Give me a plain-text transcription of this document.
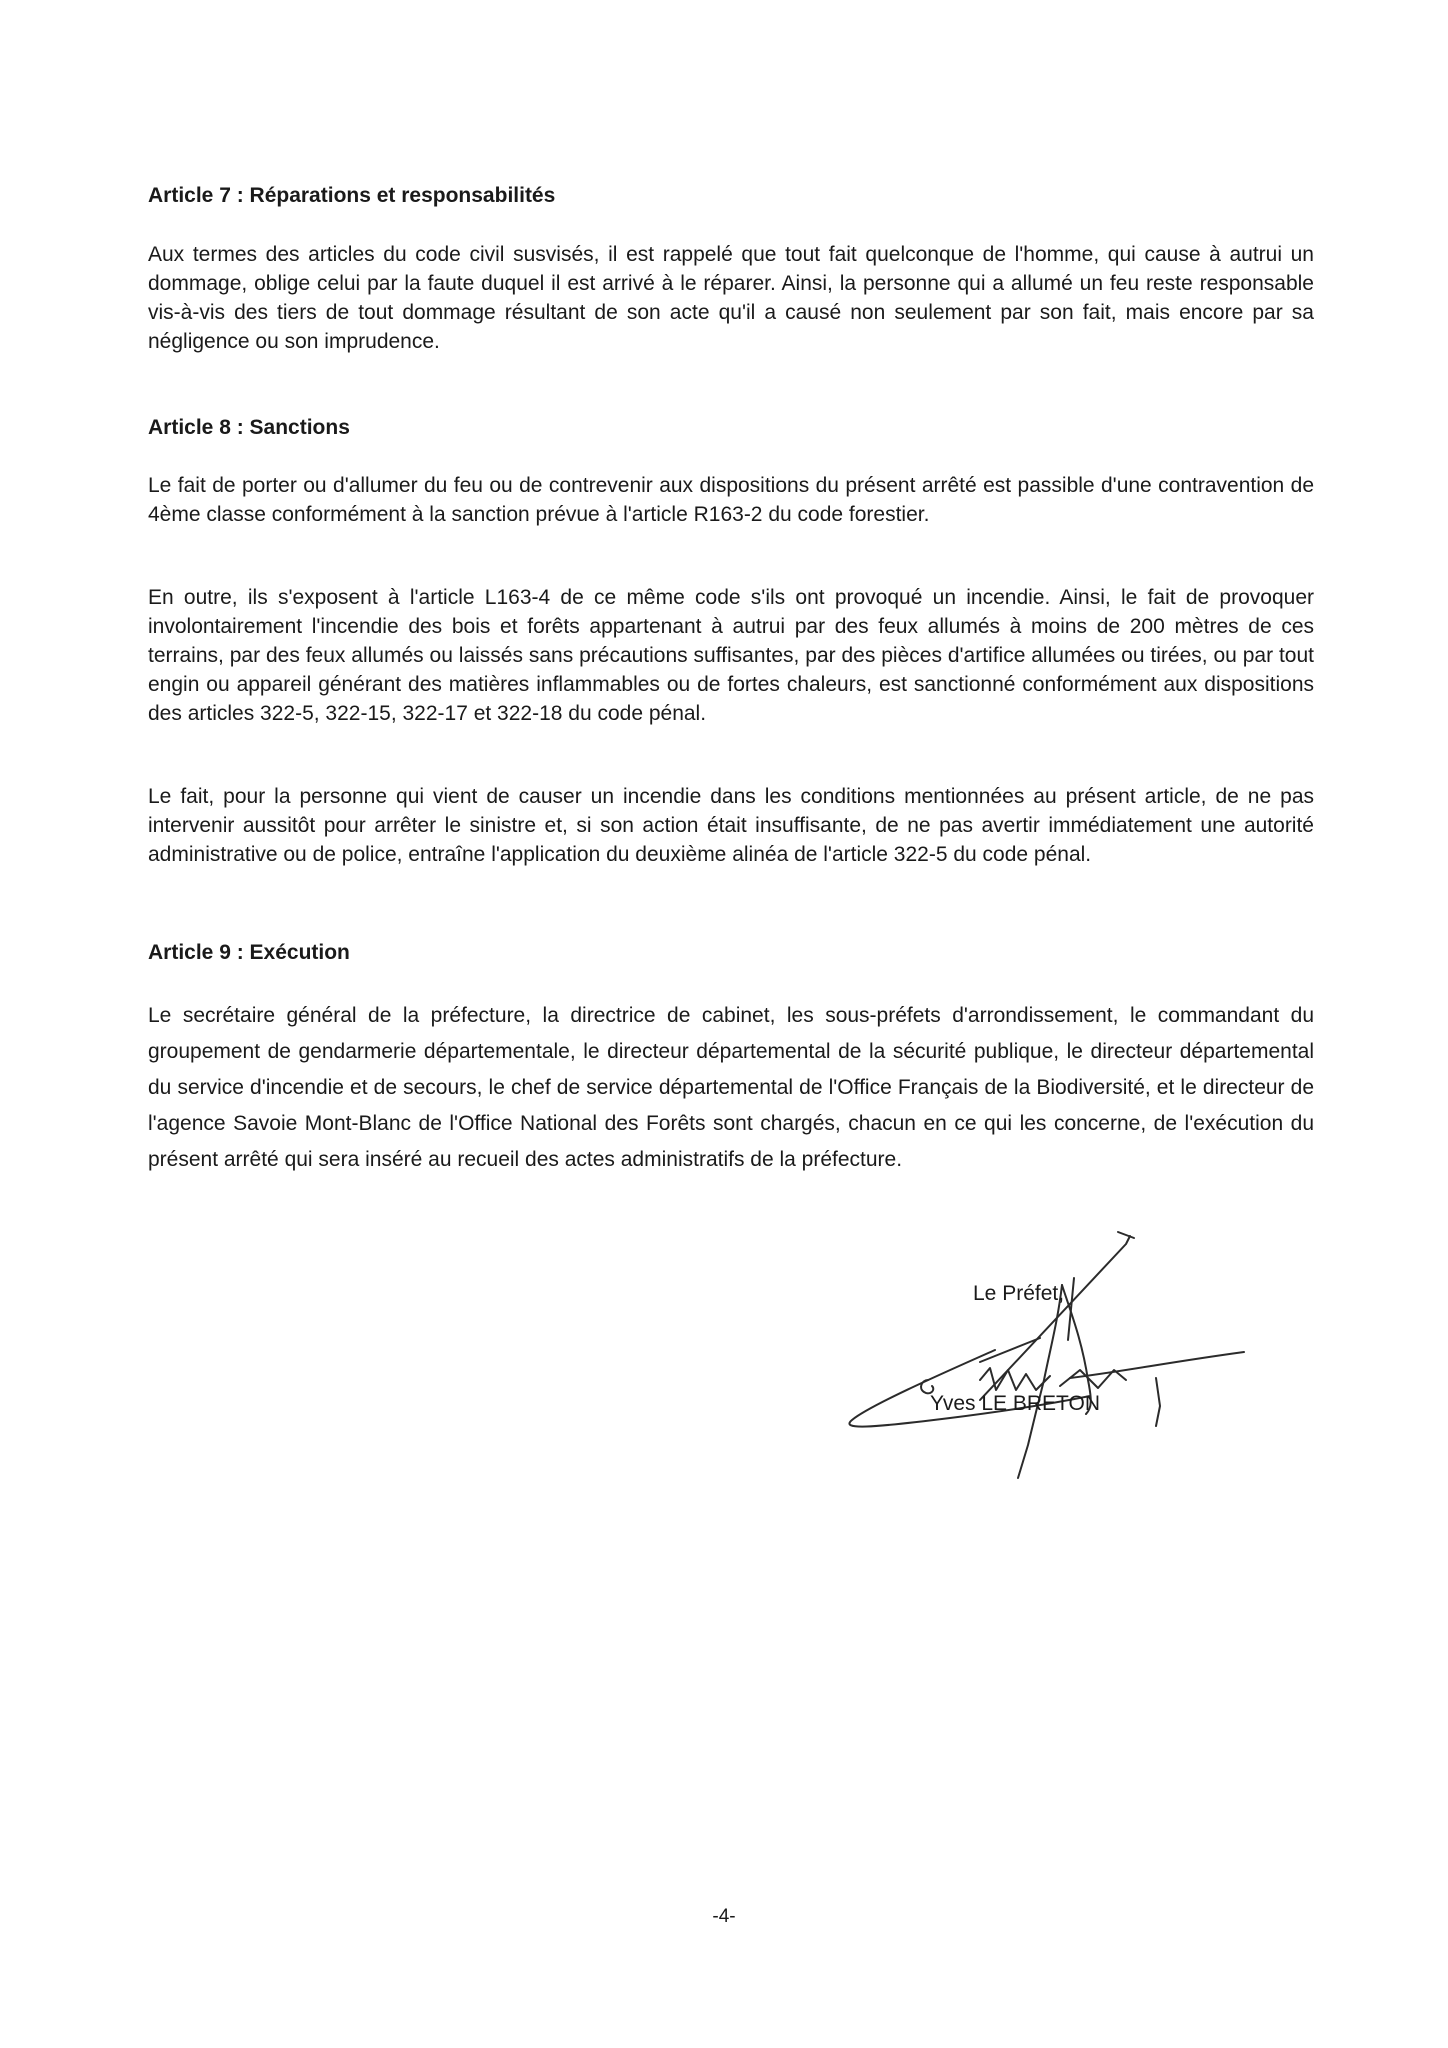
Article 7 : Réparations et responsabilités

Aux termes des articles du code civil susvisés, il est rappelé que tout fait quelconque de l'homme, qui cause à autrui un dommage, oblige celui par la faute duquel il est arrivé à le réparer. Ainsi, la personne qui a allumé un feu reste responsable vis-à-vis des tiers de tout dommage résultant de son acte qu'il a causé non seulement par son fait, mais encore par sa négligence ou son imprudence.

Article 8 : Sanctions

Le fait de porter ou d'allumer du feu ou de contrevenir aux dispositions du présent arrêté est passible d'une contravention de 4ème classe conformément à la sanction prévue à l'article R163-2 du code forestier.

En outre, ils s'exposent à l'article L163-4 de ce même code s'ils ont provoqué un incendie. Ainsi, le fait de provoquer involontairement l'incendie des bois et forêts appartenant à autrui par des feux allumés à moins de 200 mètres de ces terrains, par des feux allumés ou laissés sans précautions suffisantes, par des pièces d'artifice allumées ou tirées, ou par tout engin ou appareil générant des matières inflammables ou de fortes chaleurs, est sanctionné conformément aux dispositions des articles 322-5, 322-15, 322-17 et 322-18 du code pénal.

Le fait, pour la personne qui vient de causer un incendie dans les conditions mentionnées au présent article, de ne pas intervenir aussitôt pour arrêter le sinistre et, si son action était insuffisante, de ne pas avertir immédiatement une autorité administrative ou de police, entraîne l'application du deuxième alinéa de l'article 322-5 du code pénal.

Article 9 : Exécution

Le secrétaire général de la préfecture, la directrice de cabinet, les sous-préfets d'arrondissement, le commandant du groupement de gendarmerie départementale, le directeur départemental de la sécurité publique, le directeur départemental du service d'incendie et de secours, le chef de service départemental de l'Office Français de la Biodiversité, et le directeur de l'agence Savoie Mont-Blanc de l'Office National des Forêts sont chargés, chacun en ce qui les concerne, de l'exécution du présent arrêté qui sera inséré au recueil des actes administratifs de la préfecture.

Le Préfet,
Yves LE BRETON
-4-
